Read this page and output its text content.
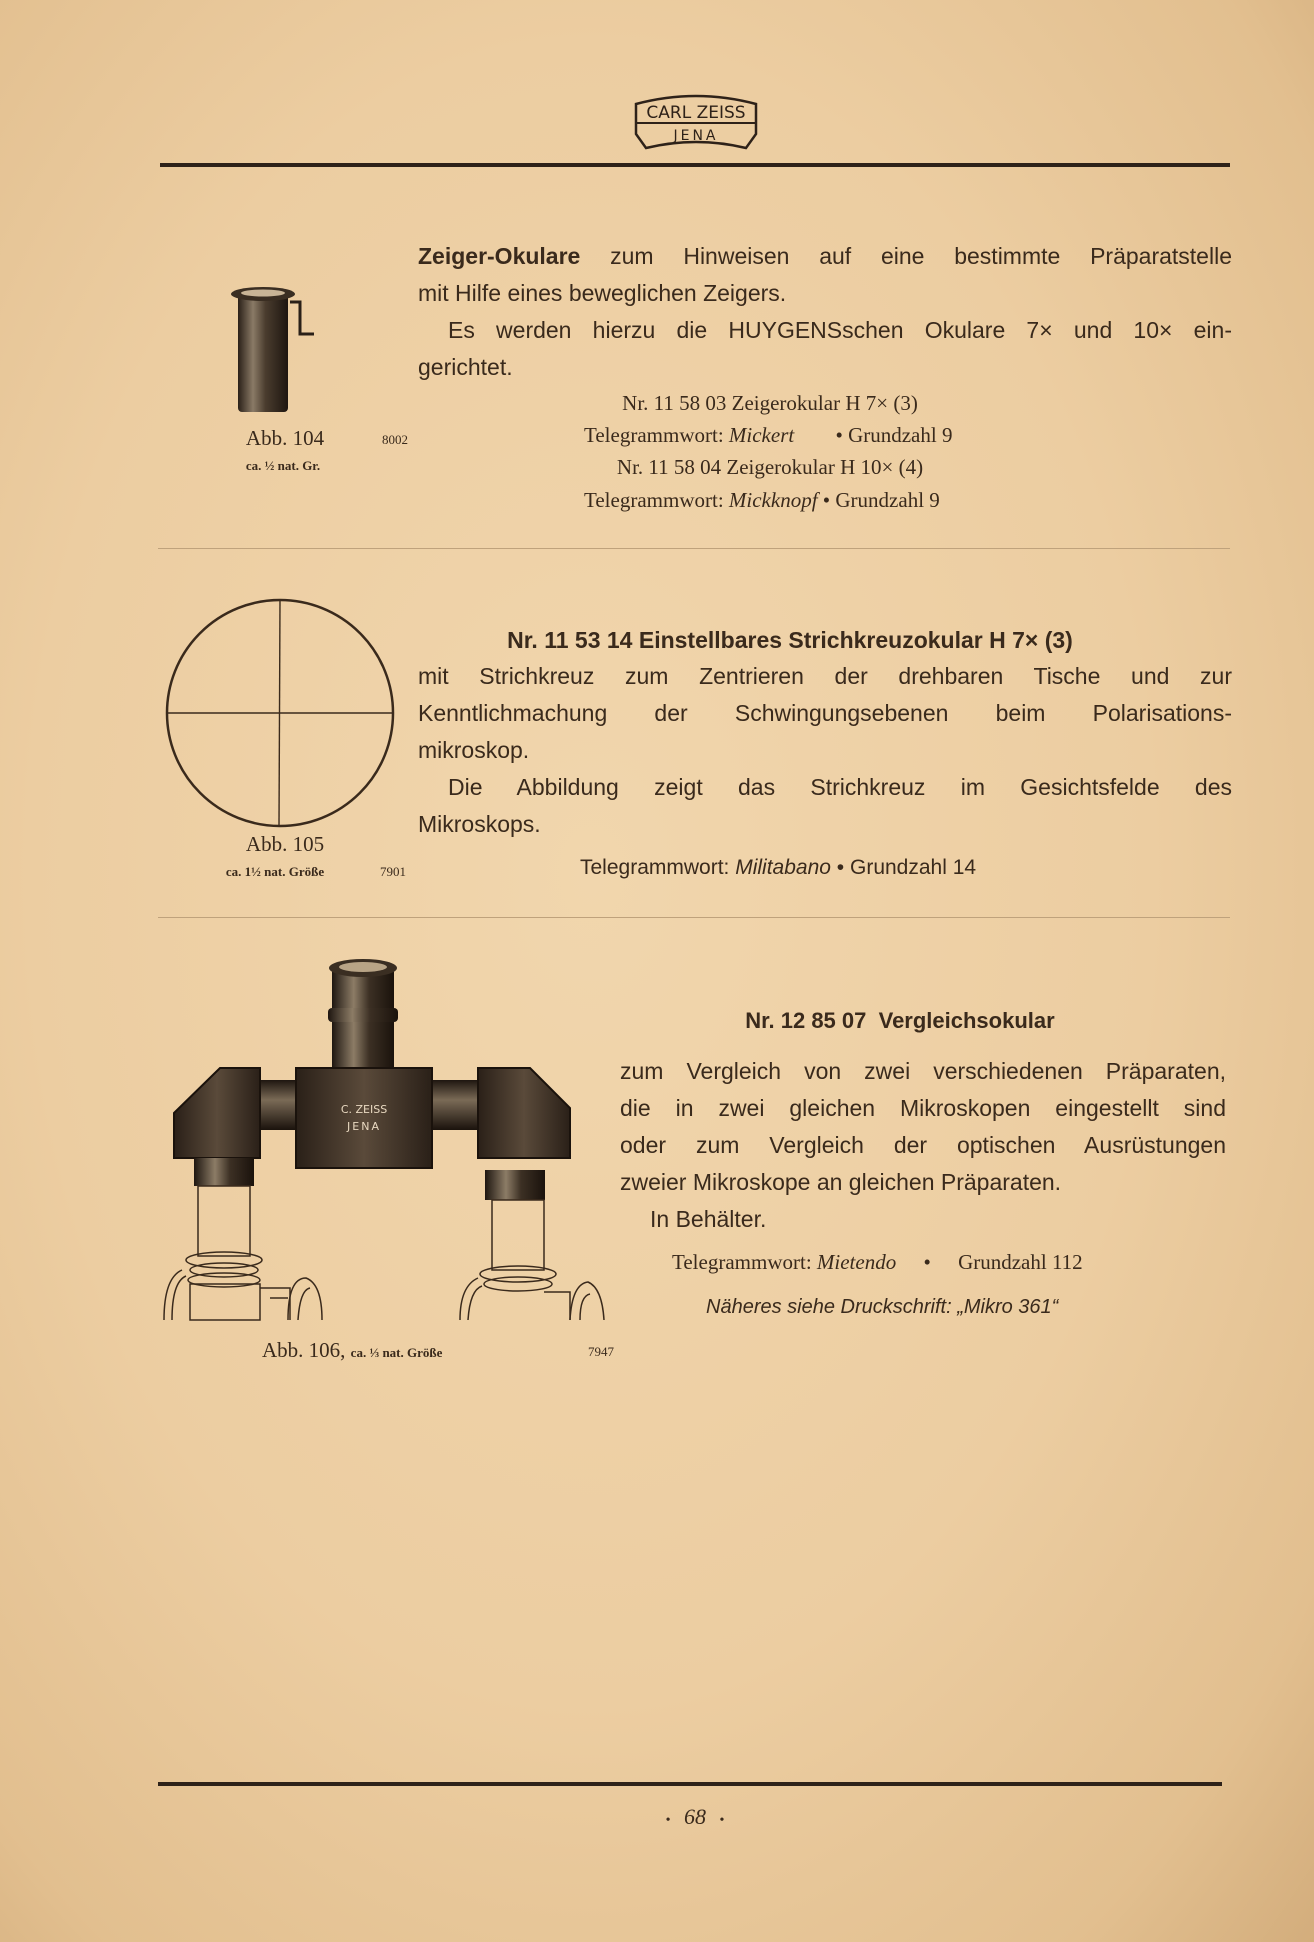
CARL ZEISS
JENA
Abb. 104
ca. ½ nat. Gr.
8002
Zeiger-Okulare zum Hinweisen auf eine bestimmte Präparatstelle
mit Hilfe eines beweglichen Zeigers.
Es werden hierzu die HUYGENSschen Okulare 7× und 10× ein-
gerichtet.
Nr. 11 58 03 Zeigerokular H 7× (3)
Telegrammwort: Mickert • Grundzahl 9
Nr. 11 58 04 Zeigerokular H 10× (4)
Telegrammwort: Mickknopf • Grundzahl 9
Abb. 105
ca. 1½ nat. Größe	7901
Nr. 11 53 14 Einstellbares Strichkreuzokular H 7× (3)
mit Strichkreuz zum Zentrieren der drehbaren Tische und zur
Kenntlichmachung der Schwingungsebenen beim Polarisations-
mikroskop.
Die Abbildung zeigt das Strichkreuz im Gesichtsfelde des
Mikroskops.
Telegrammwort: Militabano • Grundzahl 14
C. ZEISS
JENA
Abb. 106, ca. ⅓ nat. Größe	7947
Nr. 12 85 07  Vergleichsokular
zum Vergleich von zwei verschiedenen Präparaten,
die in zwei gleichen Mikroskopen eingestellt sind
oder zum Vergleich der optischen Ausrüstungen
zweier Mikroskope an gleichen Präparaten.
In Behälter.
Telegrammwort: Mietendo • Grundzahl 112
Näheres siehe Druckschrift: „Mikro 361“
• 68 •
